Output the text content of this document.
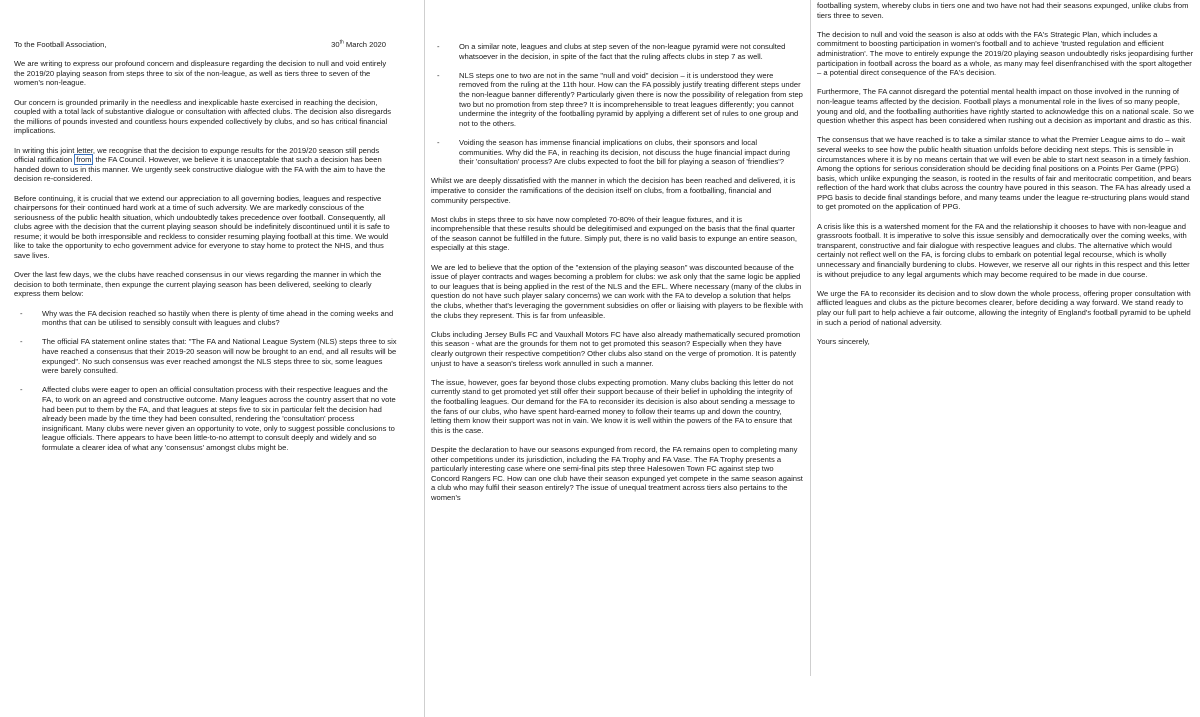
To the Football Association,	30th March 2020

We are writing to express our profound concern and displeasure regarding the decision to null and void entirely the 2019/20 playing season from steps three to six of the non-league, as well as tiers three to seven of the women's non-league.

Our concern is grounded primarily in the needless and inexplicable haste exercised in reaching the decision, coupled with a total lack of substantive dialogue or consultation with affected clubs. The decision also disregards the millions of pounds invested and countless hours expended collectively by clubs, and so has critical financial implications.

In writing this joint letter, we recognise that the decision to expunge results for the 2019/20 season still pends official ratification from the FA Council. However, we believe it is unacceptable that such a decision has been handed down to us in this manner. We urgently seek constructive dialogue with the FA with the aim to have the decision re-considered.

Before continuing, it is crucial that we extend our appreciation to all governing bodies, leagues and respective chairpersons for their continued hard work at a time of such adversity. We are markedly conscious of the seriousness of the public health situation, which undoubtedly takes precedence over football. Consequently, all clubs agree with the decision that the current playing season should be indefinitely discontinued until it is safe to resume; it would be both irresponsible and reckless to consider resuming playing football at this time. We would like to take the opportunity to echo government advice for everyone to stay home to protect the NHS, and thus save lives.

Over the last few days, we the clubs have reached consensus in our views regarding the manner in which the decision to both terminate, then expunge the current playing season has been delivered, seeking to clearly express them below:

- Why was the FA decision reached so hastily when there is plenty of time ahead in the coming weeks and months that can be utilised to sensibly consult with leagues and clubs?
- The official FA statement online states that: "The FA and National League System (NLS) steps three to six have reached a consensus that their 2019-20 season will now be brought to an end, and all results will be expunged". No such consensus was ever reached amongst the NLS steps three to six, some leagues were barely consulted.
- Affected clubs were eager to open an official consultation process with their respective leagues and the FA, to work on an agreed and constructive outcome. Many leagues across the country assert that no vote had been put to them by the FA, and that leagues at steps five to six in particular felt the decision had already been made by the time they had been consulted, rendering the 'consultation' process insignificant. Many clubs were never given an opportunity to vote, only to suggest possible conclusions to league officials. There appears to have been little-to-no attempt to consult deeply and widely and so formulate a clearer idea of what any 'consensus' amongst clubs might be.
- On a similar note, leagues and clubs at step seven of the non-league pyramid were not consulted whatsoever in the decision, in spite of the fact that the ruling affects clubs in step 7 as well.
- NLS steps one to two are not in the same "null and void" decision – it is understood they were removed from the ruling at the 11th hour. How can the FA possibly justify treating different steps under the non-league banner differently? Particularly given there is now the possibility of relegation from step two but no promotion from step three? It is incomprehensible to treat leagues differently; you cannot undermine the integrity of the footballing pyramid by applying a different set of rules to one group and not to the others.
- Voiding the season has immense financial implications on clubs, their sponsors and local communities. Why did the FA, in reaching its decision, not discuss the huge financial impact during their 'consultation' process? Are clubs expected to foot the bill for playing a season of 'friendlies'?

Whilst we are deeply dissatisfied with the manner in which the decision has been reached and delivered, it is imperative to consider the ramifications of the decision itself on clubs, from a footballing, financial and community perspective.

Most clubs in steps three to six have now completed 70-80% of their league fixtures, and it is incomprehensible that these results should be delegitimised and expunged on the basis that the final quarter of the season cannot be fulfilled in the future. Simply put, there is no valid basis to expunge an entire season, especially at this stage.

We are led to believe that the option of the "extension of the playing season" was discounted because of the issue of player contracts and wages becoming a problem for clubs: we ask only that the same logic be applied to our leagues that is being applied in the rest of the NLS and the EFL. Where necessary (many of the clubs in question do not have such player salary concerns) we can work with the FA to develop a solution that helps the clubs, whether that's leveraging the government subsidies on offer or liaising with players to be flexible with the clubs they represent. This is far from unfeasible.

Clubs including Jersey Bulls FC and Vauxhall Motors FC have also already mathematically secured promotion this season - what are the grounds for them not to get promoted this season? Especially when they have clearly outgrown their respective competition? Other clubs also stand on the verge of promotion. It is patently unjust to have a season's tireless work annulled in such a manner.

The issue, however, goes far beyond those clubs expecting promotion. Many clubs backing this letter do not currently stand to get promoted yet still offer their support because of their belief in upholding the integrity of the footballing leagues. Our demand for the FA to reconsider its decision is also about sending a message to the fans of our clubs, who have spent hard-earned money to follow their teams up and down the country, letting them know their support was not in vain. We know it is well within the powers of the FA to ensure that this is the case.

Despite the declaration to have our seasons expunged from record, the FA remains open to completing many other competitions under its jurisdiction, including the FA Trophy and FA Vase. The FA Trophy presents a particularly interesting case where one semi-final pits step three Halesowen Town FC against step two Concord Rangers FC. How can one club have their season expunged yet compete in the same season against a club who may fulfil their season entirely? The issue of unequal treatment across tiers also pertains to the women's

footballing system, whereby clubs in tiers one and two have not had their seasons expunged, unlike clubs from tiers three to seven.

The decision to null and void the season is also at odds with the FA's Strategic Plan, which includes a commitment to boosting participation in women's football and to achieve 'trusted regulation and efficient administration'. The move to entirely expunge the 2019/20 playing season undoubtedly risks jeopardising further participation in football across the board as a whole, as many may feel disenfranchised with the sport altogether – a potential direct consequence of the FA's decision.

Furthermore, The FA cannot disregard the potential mental health impact on those involved in the running of non-league teams affected by the decision. Football plays a monumental role in the lives of so many people, young and old, and the footballing authorities have rightly started to acknowledge this on a national scale. So we question whether this aspect has been considered when rushing out a decision as important and drastic as this.

The consensus that we have reached is to take a similar stance to what the Premier League aims to do – wait several weeks to see how the public health situation unfolds before deciding next steps. This is sensible in circumstances where it is by no means certain that we will even be able to start next season in a timely fashion. Among the options for serious consideration should be deciding final positions on a Points Per Game (PPG) basis, which unlike expunging the season, is rooted in the results of fair and meritocratic competition, and bears reflection of the hard work that clubs across the country have poured in this season. The FA has already used a PPG basis to decide final standings before, and many teams under the league re-structuring plans would stand to get promoted on the application of PPG.

A crisis like this is a watershed moment for the FA and the relationship it chooses to have with non-league and grassroots football. It is imperative to solve this issue sensibly and democratically over the coming weeks, with transparent, constructive and fair dialogue with respective leagues and clubs. The alternative which would certainly not reflect well on the FA, is forcing clubs to embark on potential legal recourse, which is wholly unnecessary and financially burdening to clubs. However, we reserve all our rights in this respect and this letter is without prejudice to any legal arguments which may become required to be made in due course.

We urge the FA to reconsider its decision and to slow down the whole process, offering proper consultation with afflicted leagues and clubs as the picture becomes clearer, before deciding a way forward. We stand ready to play our full part to help achieve a fair outcome, allowing the integrity of England's football pyramid to be upheld in such a period of national adversity.

Yours sincerely,
